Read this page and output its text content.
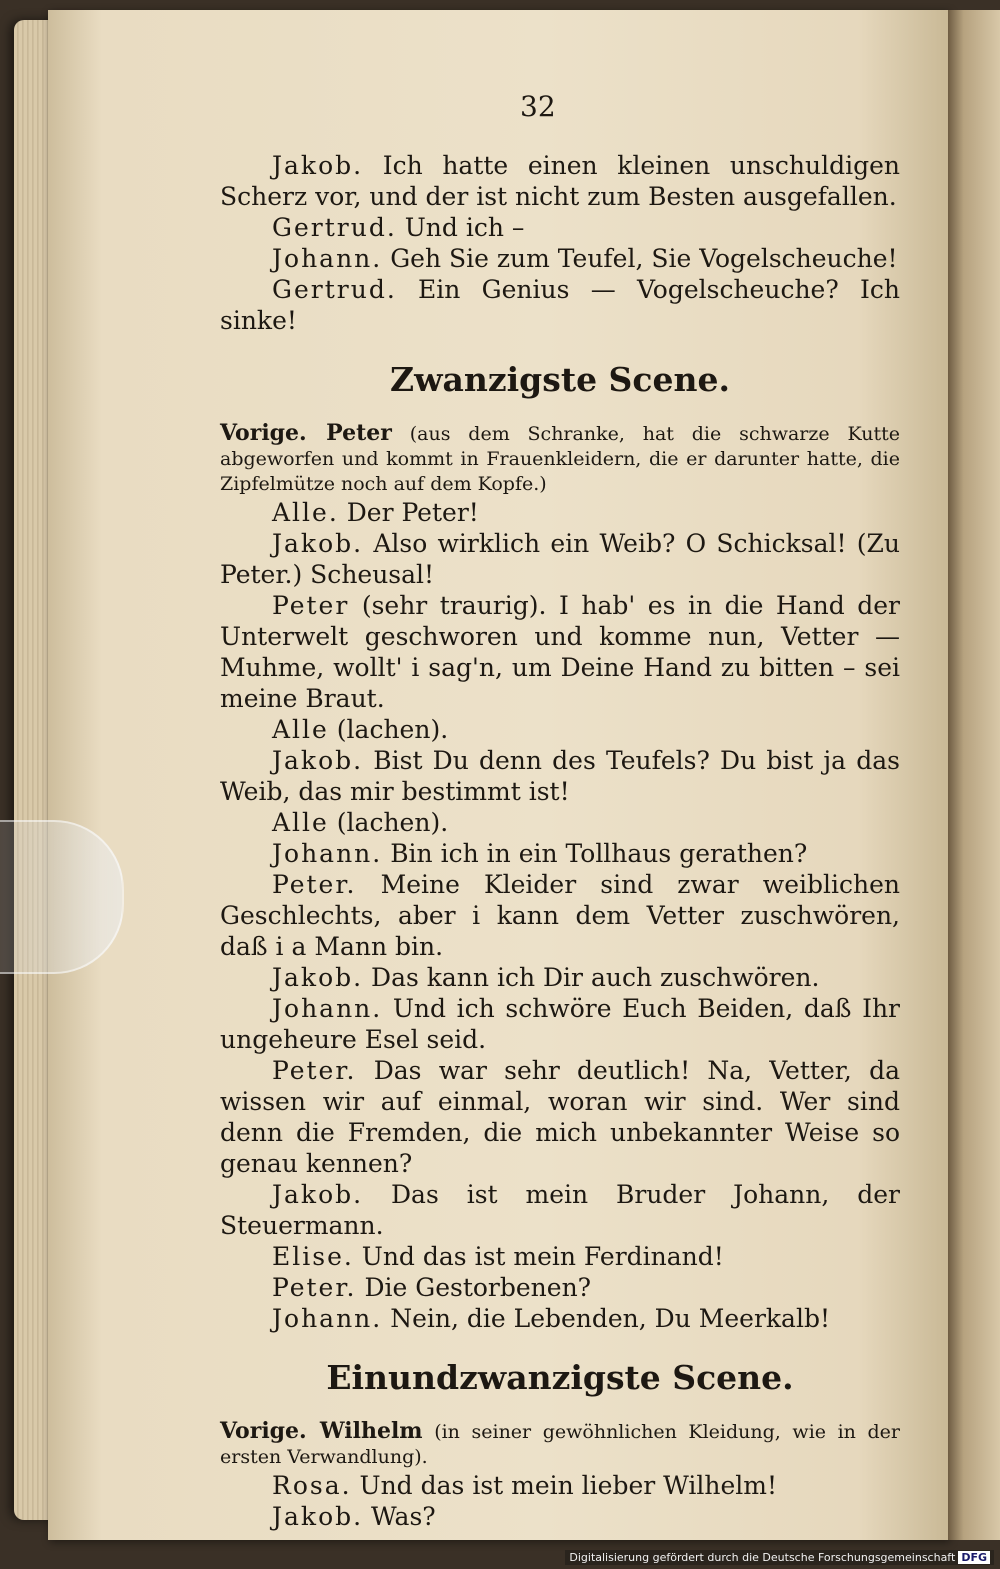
32

Jakob. Ich hatte einen kleinen unschuldigen Scherz vor, und der ist nicht zum Besten ausgefallen.

Gertrud. Und ich –

Johann. Geh Sie zum Teufel, Sie Vogelscheuche!

Gertrud. Ein Genius — Vogelscheuche? Ich sinke!

Zwanzigste Scene.

Vorige. Peter (aus dem Schranke, hat die schwarze Kutte abgeworfen und kommt in Frauenkleidern, die er darunter hatte, die Zipfelmütze noch auf dem Kopfe.)

Alle. Der Peter!

Jakob. Also wirklich ein Weib? O Schicksal! (Zu Peter.) Scheusal!

Peter (sehr traurig). I hab' es in die Hand der Unterwelt geschworen und komme nun, Vetter — Muhme, wollt' i sag'n, um Deine Hand zu bitten – sei meine Braut.

Alle (lachen).

Jakob. Bist Du denn des Teufels? Du bist ja das Weib, das mir bestimmt ist!

Alle (lachen).

Johann. Bin ich in ein Tollhaus gerathen?

Peter. Meine Kleider sind zwar weiblichen Geschlechts, aber i kann dem Vetter zuschwören, daß i a Mann bin.

Jakob. Das kann ich Dir auch zuschwören.

Johann. Und ich schwöre Euch Beiden, daß Ihr ungeheure Esel seid.

Peter. Das war sehr deutlich! Na, Vetter, da wissen wir auf einmal, woran wir sind. Wer sind denn die Fremden, die mich unbekannter Weise so genau kennen?

Jakob. Das ist mein Bruder Johann, der Steuermann.

Elise. Und das ist mein Ferdinand!

Peter. Die Gestorbenen?

Johann. Nein, die Lebenden, Du Meerkalb!

Einundzwanzigste Scene.

Vorige. Wilhelm (in seiner gewöhnlichen Kleidung, wie in der ersten Verwandlung).

Rosa. Und das ist mein lieber Wilhelm!

Jakob. Was?

Digitalisierung gefördert durch die Deutsche Forschungsgemeinschaft DFG
